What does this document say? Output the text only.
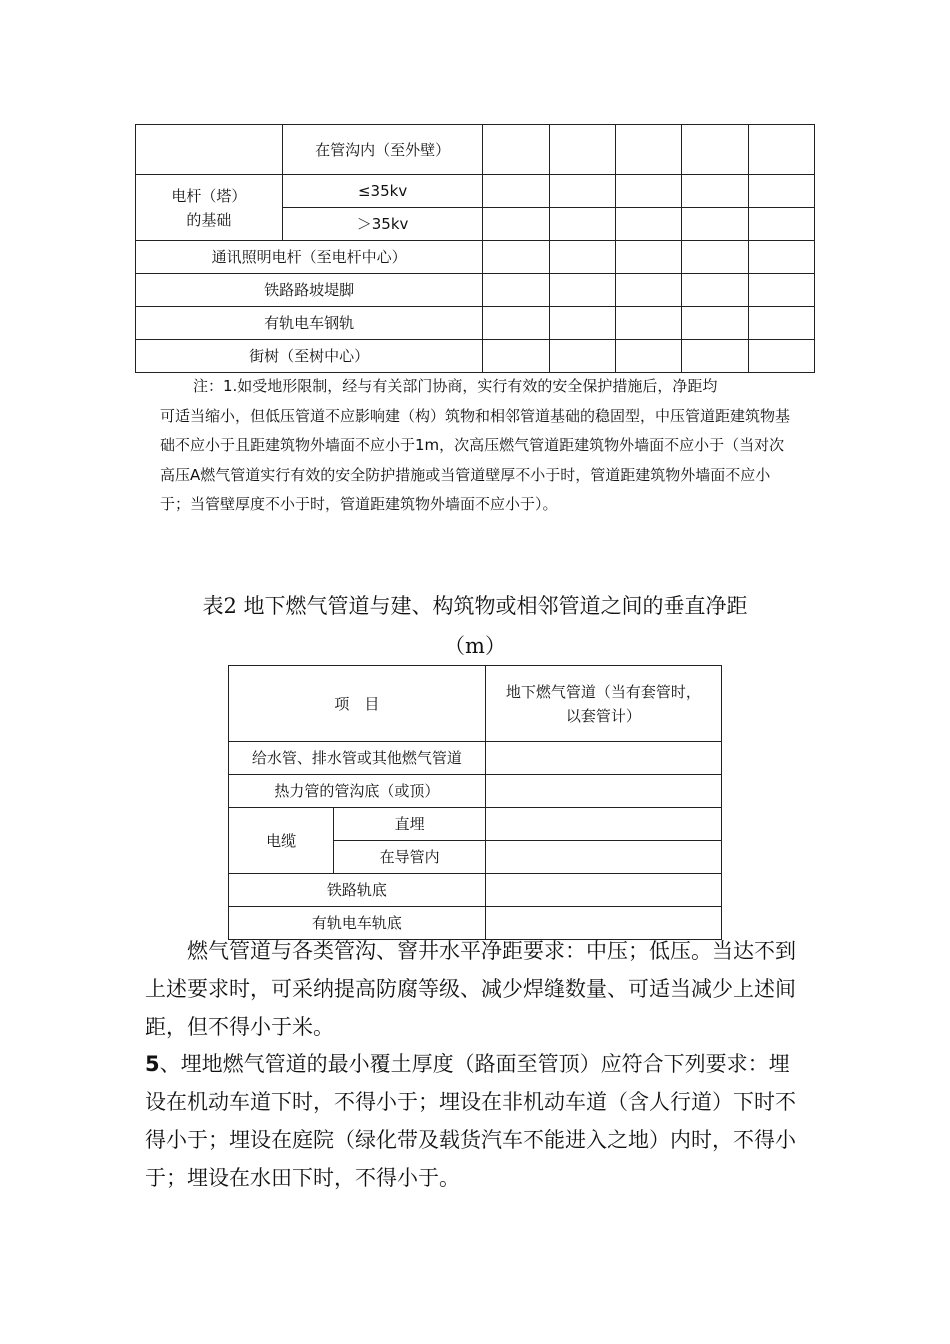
	在管沟内（至外壁）					
电杆（塔）的基础	≤35kv					
	＞35kv					
通讯照明电杆（至电杆中心）						
铁路路坡堤脚						
有轨电车钢轨						
街树（至树中心）						

注：1.如受地形限制，经与有关部门协商，实行有效的安全保护措施后，净距均
可适当缩小，但低压管道不应影响建（构）筑物和相邻管道基础的稳固型，中压管道距建筑物基础不应小于且距建筑物外墙面不应小于1m，次高压燃气管道距建筑物外墙面不应小于（当对次高压A燃气管道实行有效的安全防护措施或当管道壁厚不小于时，管道距建筑物外墙面不应小于；当管壁厚度不小于时，管道距建筑物外墙面不应小于）。

表2 地下燃气管道与建、构筑物或相邻管道之间的垂直净距

（m）

项　目		地下燃气管道（当有套管时，以套管计）
给水管、排水管或其他燃气管道		
热力管的管沟底（或顶）		
电缆	直埋	
	在导管内	
铁路轨底		
有轨电车轨底		

燃气管道与各类管沟、窨井水平净距要求：中压；低压。当达不到上述要求时，可采纳提高防腐等级、减少焊缝数量、可适当减少上述间距，但不得小于米。

5、埋地燃气管道的最小覆土厚度（路面至管顶）应符合下列要求：埋设在机动车道下时，不得小于；埋设在非机动车道（含人行道）下时不得小于；埋设在庭院（绿化带及载货汽车不能进入之地）内时，不得小于；埋设在水田下时，不得小于。
